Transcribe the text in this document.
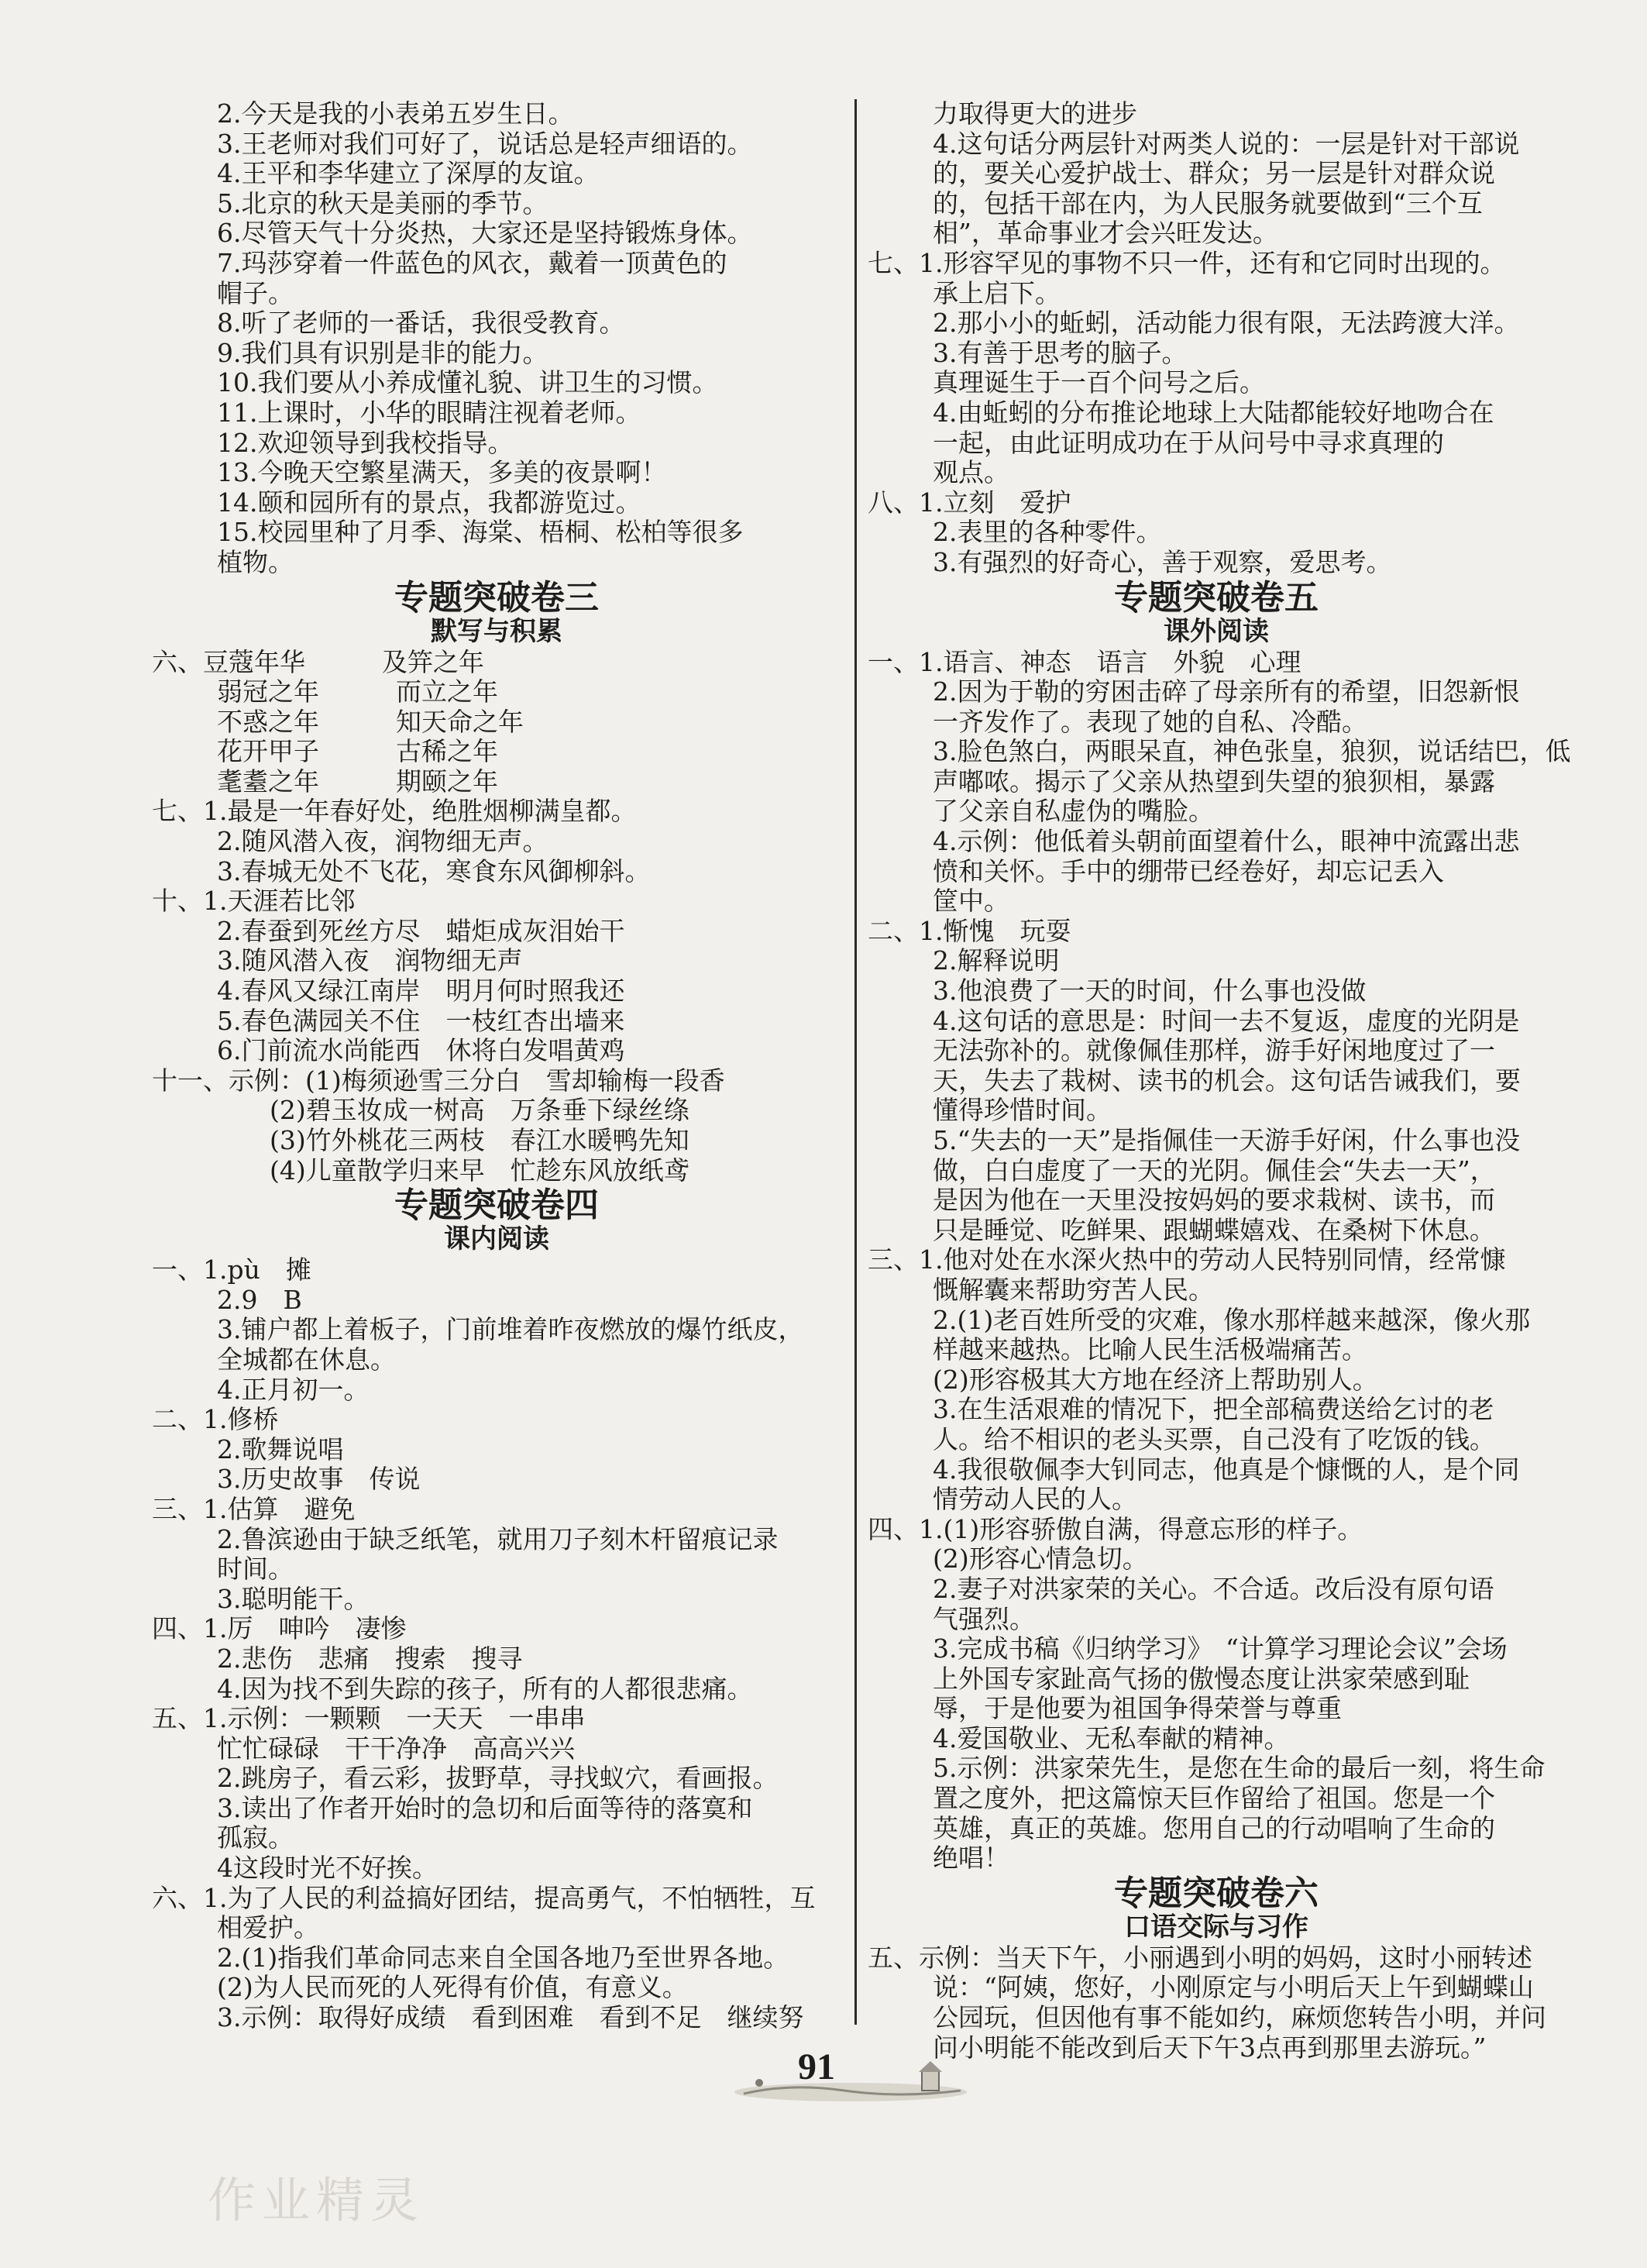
2.今天是我的小表弟五岁生日。
3.王老师对我们可好了，说话总是轻声细语的。
4.王平和李华建立了深厚的友谊。
5.北京的秋天是美丽的季节。
6.尽管天气十分炎热，大家还是坚持锻炼身体。
7.玛莎穿着一件蓝色的风衣，戴着一顶黄色的
帽子。
8.听了老师的一番话，我很受教育。
9.我们具有识别是非的能力。
10.我们要从小养成懂礼貌、讲卫生的习惯。
11.上课时，小华的眼睛注视着老师。
12.欢迎领导到我校指导。
13.今晚天空繁星满天，多美的夜景啊！
14.颐和园所有的景点，我都游览过。
15.校园里种了月季、海棠、梧桐、松柏等很多
植物。
专题突破卷三
默写与积累
六、豆蔻年华　　　及笄之年
弱冠之年　　　而立之年
不惑之年　　　知天命之年
花开甲子　　　古稀之年
耄耋之年　　　期颐之年
七、1.最是一年春好处，绝胜烟柳满皇都。
2.随风潜入夜，润物细无声。
3.春城无处不飞花，寒食东风御柳斜。
十、1.天涯若比邻
2.春蚕到死丝方尽　蜡炬成灰泪始干
3.随风潜入夜　润物细无声
4.春风又绿江南岸　明月何时照我还
5.春色满园关不住　一枝红杏出墙来
6.门前流水尚能西　休将白发唱黄鸡
十一、示例：(1)梅须逊雪三分白　雪却输梅一段香
(2)碧玉妆成一树高　万条垂下绿丝绦
(3)竹外桃花三两枝　春江水暖鸭先知
(4)儿童散学归来早　忙趁东风放纸鸢
专题突破卷四
课内阅读
一、1.pù　摊
2.9　B
3.铺户都上着板子，门前堆着昨夜燃放的爆竹纸皮，
全城都在休息。
4.正月初一。
二、1.修桥
2.歌舞说唱
3.历史故事　传说
三、1.估算　避免
2.鲁滨逊由于缺乏纸笔，就用刀子刻木杆留痕记录
时间。
3.聪明能干。
四、1.厉　呻吟　凄惨
2.悲伤　悲痛　搜索　搜寻
4.因为找不到失踪的孩子，所有的人都很悲痛。
五、1.示例：一颗颗　一天天　一串串
忙忙碌碌　干干净净　高高兴兴
2.跳房子，看云彩，拔野草，寻找蚁穴，看画报。
3.读出了作者开始时的急切和后面等待的落寞和
孤寂。
4这段时光不好挨。
六、1.为了人民的利益搞好团结，提高勇气，不怕牺牲，互
相爱护。
2.(1)指我们革命同志来自全国各地乃至世界各地。
(2)为人民而死的人死得有价值，有意义。
3.示例：取得好成绩　看到困难　看到不足　继续努
力取得更大的进步
4.这句话分两层针对两类人说的：一层是针对干部说
的，要关心爱护战士、群众；另一层是针对群众说
的，包括干部在内，为人民服务就要做到“三个互
相”，革命事业才会兴旺发达。
七、1.形容罕见的事物不只一件，还有和它同时出现的。
承上启下。
2.那小小的蚯蚓，活动能力很有限，无法跨渡大洋。
3.有善于思考的脑子。
真理诞生于一百个问号之后。
4.由蚯蚓的分布推论地球上大陆都能较好地吻合在
一起，由此证明成功在于从问号中寻求真理的
观点。
八、1.立刻　爱护
2.表里的各种零件。
3.有强烈的好奇心，善于观察，爱思考。
专题突破卷五
课外阅读
一、1.语言、神态　语言　外貌　心理
2.因为于勒的穷困击碎了母亲所有的希望，旧怨新恨
一齐发作了。表现了她的自私、冷酷。
3.脸色煞白，两眼呆直，神色张皇，狼狈，说话结巴，低
声嘟哝。揭示了父亲从热望到失望的狼狈相，暴露
了父亲自私虚伪的嘴脸。
4.示例：他低着头朝前面望着什么，眼神中流露出悲
愤和关怀。手中的绷带已经卷好，却忘记丢入
筐中。
二、1.惭愧　玩耍
2.解释说明
3.他浪费了一天的时间，什么事也没做
4.这句话的意思是：时间一去不复返，虚度的光阴是
无法弥补的。就像佩佳那样，游手好闲地度过了一
天，失去了栽树、读书的机会。这句话告诫我们，要
懂得珍惜时间。
5.“失去的一天”是指佩佳一天游手好闲，什么事也没
做，白白虚度了一天的光阴。佩佳会“失去一天”，
是因为他在一天里没按妈妈的要求栽树、读书，而
只是睡觉、吃鲜果、跟蝴蝶嬉戏、在桑树下休息。
三、1.他对处在水深火热中的劳动人民特别同情，经常慷
慨解囊来帮助穷苦人民。
2.(1)老百姓所受的灾难，像水那样越来越深，像火那
样越来越热。比喻人民生活极端痛苦。
(2)形容极其大方地在经济上帮助别人。
3.在生活艰难的情况下，把全部稿费送给乞讨的老
人。给不相识的老头买票，自己没有了吃饭的钱。
4.我很敬佩李大钊同志，他真是个慷慨的人，是个同
情劳动人民的人。
四、1.(1)形容骄傲自满，得意忘形的样子。
(2)形容心情急切。
2.妻子对洪家荣的关心。不合适。改后没有原句语
气强烈。
3.完成书稿《归纳学习》　“计算学习理论会议”会场
上外国专家趾高气扬的傲慢态度让洪家荣感到耻
辱，于是他要为祖国争得荣誉与尊重
4.爱国敬业、无私奉献的精神。
5.示例：洪家荣先生，是您在生命的最后一刻，将生命
置之度外，把这篇惊天巨作留给了祖国。您是一个
英雄，真正的英雄。您用自己的行动唱响了生命的
绝唱！
专题突破卷六
口语交际与习作
五、示例：当天下午，小丽遇到小明的妈妈，这时小丽转述
说：“阿姨，您好，小刚原定与小明后天上午到蝴蝶山
公园玩，但因他有事不能如约，麻烦您转告小明，并问
问小明能不能改到后天下午3点再到那里去游玩。”
91
作业精灵
